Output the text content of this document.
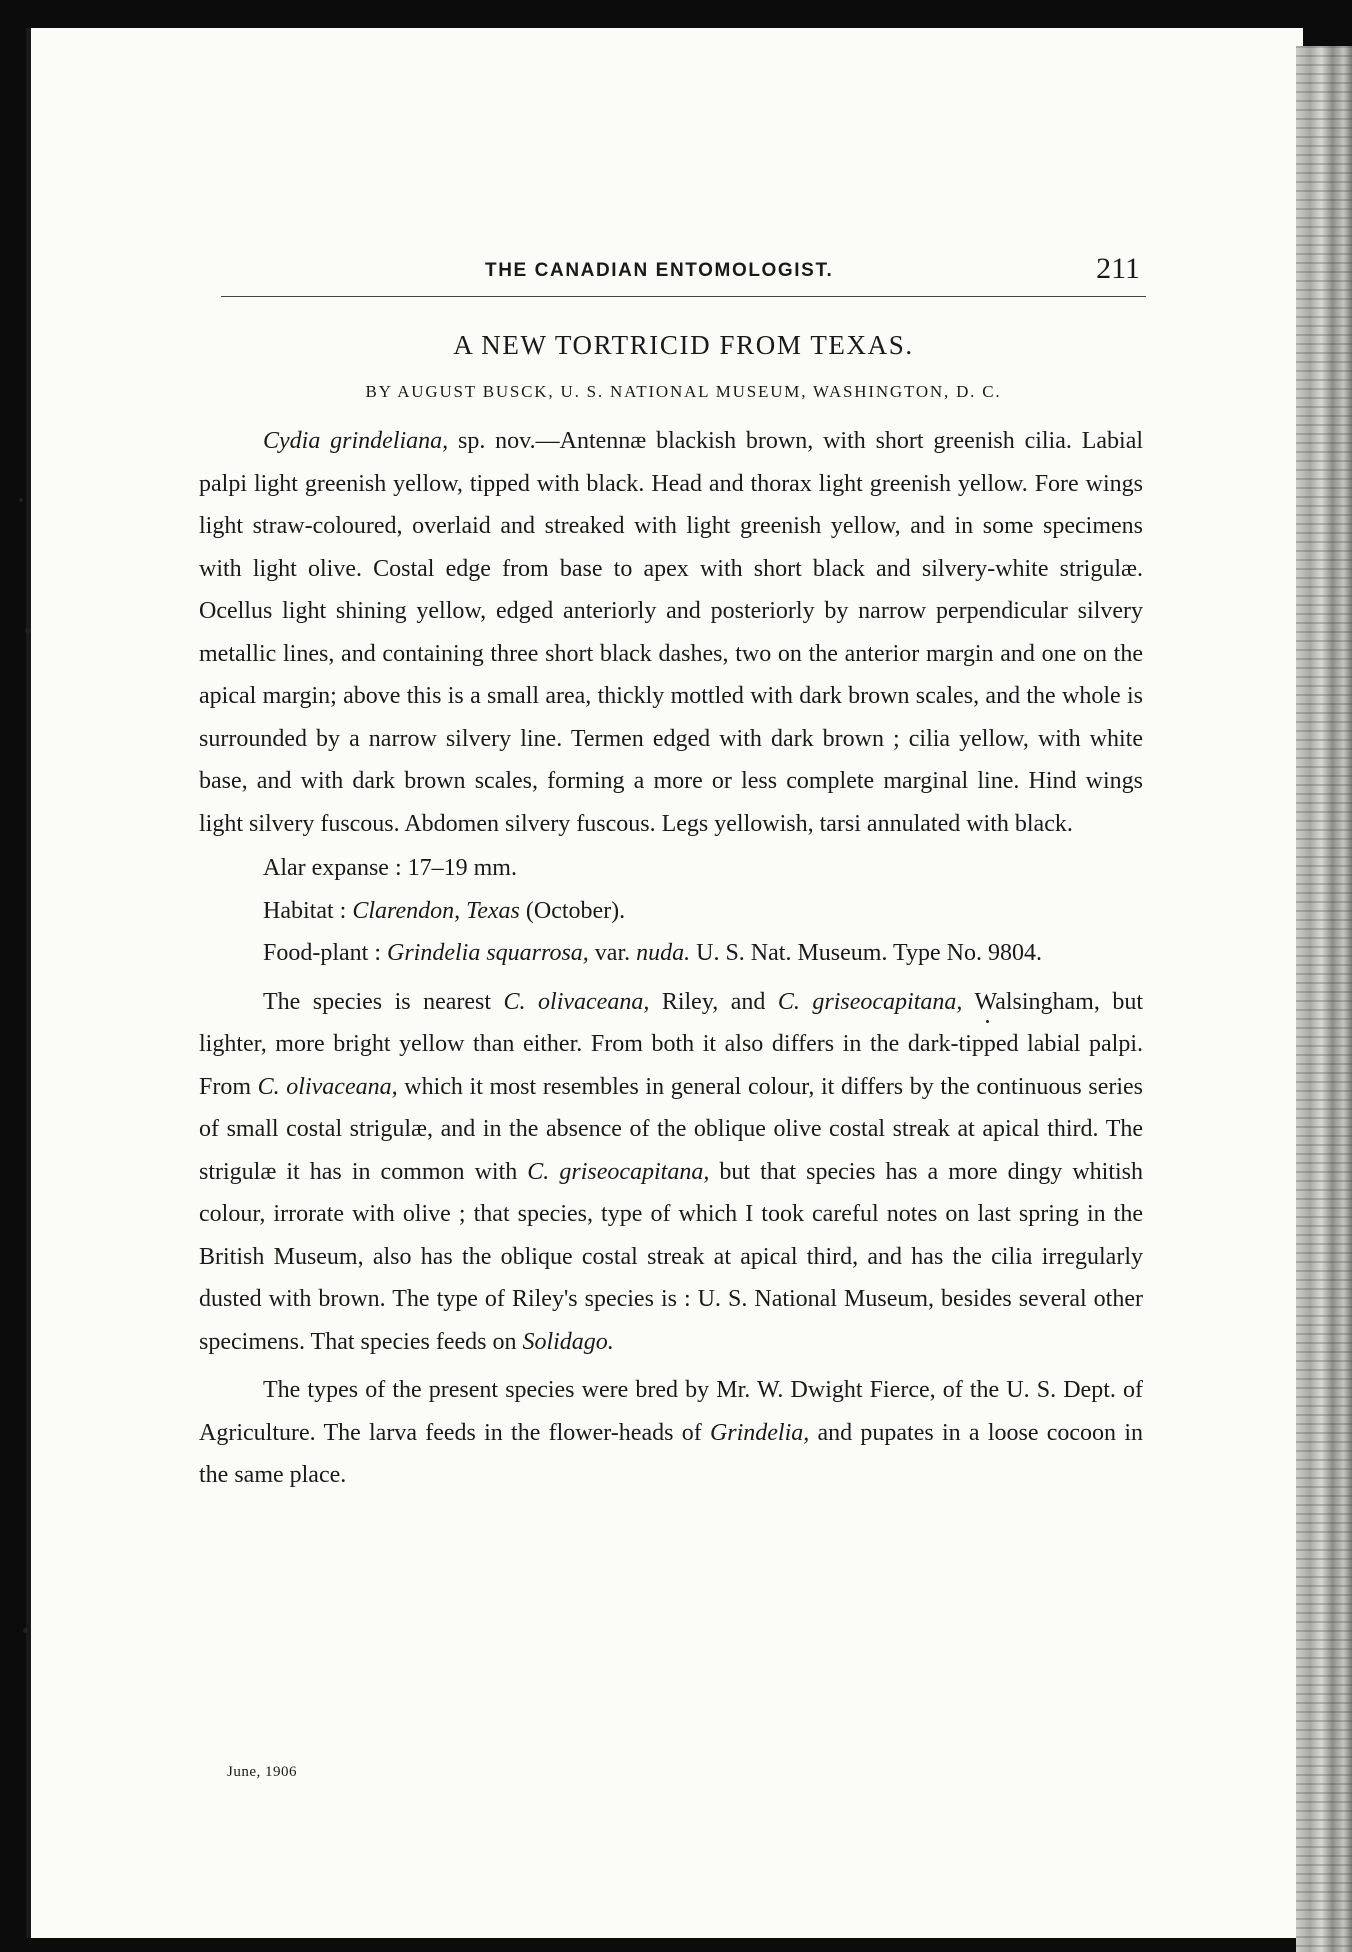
THE CANADIAN ENTOMOLOGIST.	211
A NEW TORTRICID FROM TEXAS.
BY AUGUST BUSCK, U. S. NATIONAL MUSEUM, WASHINGTON, D. C.

Cydia grindeliana, sp. nov.—Antennæ blackish brown, with short greenish cilia. Labial palpi light greenish yellow, tipped with black. Head and thorax light greenish yellow. Fore wings light straw-coloured, overlaid and streaked with light greenish yellow, and in some specimens with light olive. Costal edge from base to apex with short black and silvery-white strigulæ. Ocellus light shining yellow, edged anteriorly and posteriorly by narrow perpendicular silvery metallic lines, and containing three short black dashes, two on the anterior margin and one on the apical margin; above this is a small area, thickly mottled with dark brown scales, and the whole is surrounded by a narrow silvery line. Termen edged with dark brown ; cilia yellow, with white base, and with dark brown scales, forming a more or less complete marginal line. Hind wings light silvery fuscous. Abdomen silvery fuscous. Legs yellowish, tarsi annulated with black.

Alar expanse : 17–19 mm.

Habitat : Clarendon, Texas (October).

Food-plant : Grindelia squarrosa, var. nuda. U. S. Nat. Museum. Type No. 9804.

The species is nearest C. olivaceana, Riley, and C. griseocapitana, Walsingham, but lighter, more bright yellow than either. From both it also differs in the dark-tipped labial palpi. From C. olivaceana, which it most resembles in general colour, it differs by the continuous series of small costal strigulæ, and in the absence of the oblique olive costal streak at apical third. The strigulæ it has in common with C. griseocapitana, but that species has a more dingy whitish colour, irrorate with olive ; that species, type of which I took careful notes on last spring in the British Museum, also has the oblique costal streak at apical third, and has the cilia irregularly dusted with brown. The type of Riley's species is : U. S. National Museum, besides several other specimens. That species feeds on Solidago.

The types of the present species were bred by Mr. W. Dwight Fierce, of the U. S. Dept. of Agriculture. The larva feeds in the flower-heads of Grindelia, and pupates in a loose cocoon in the same place.

June, 1906
